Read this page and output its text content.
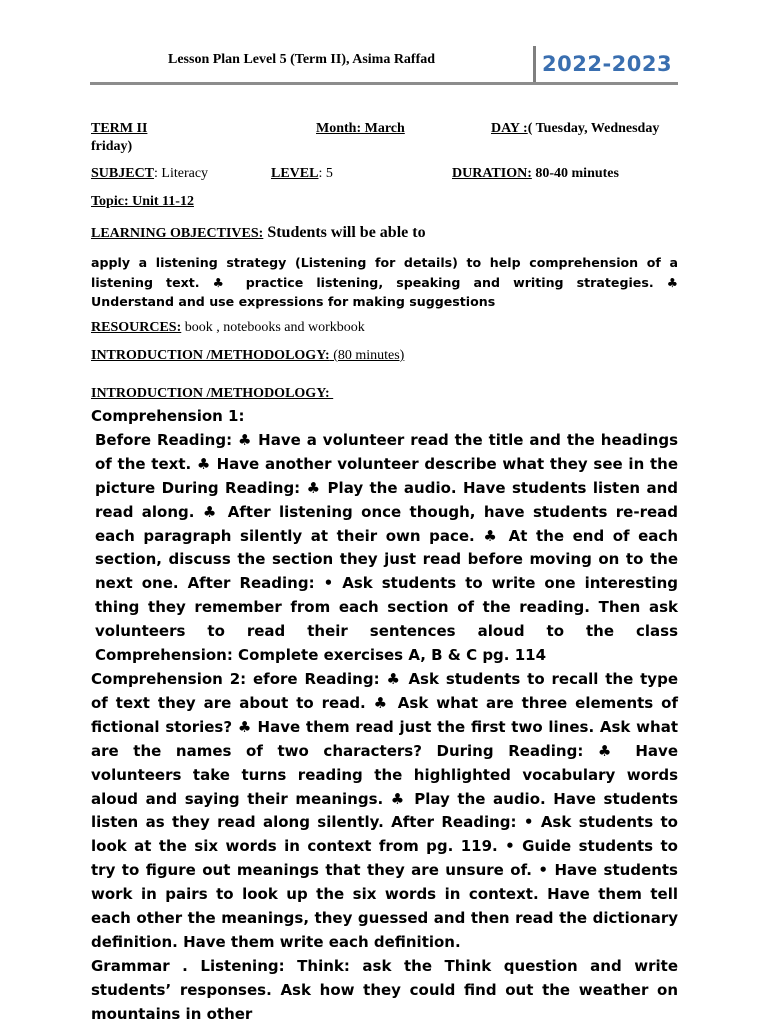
Lesson Plan Level 5 (Term II), Asima Raffad	2022-2023
TERM II	Month: March	DAY :( Tuesday, Wednesday
friday)
SUBJECT: Literacy	LEVEL: 5	DURATION: 80-40 minutes
Topic: Unit 11-12
LEARNING OBJECTIVES: Students will be able to
apply a listening strategy (Listening for details) to help comprehension of a listening text. ♣ practice listening, speaking and writing strategies. ♣ Understand and use expressions for making suggestions
RESOURCES: book , notebooks and workbook
INTRODUCTION /METHODOLOGY: (80 minutes)
INTRODUCTION /METHODOLOGY:

Comprehension 1:

Before Reading: ♣ Have a volunteer read the title and the headings of the text. ♣ Have another volunteer describe what they see in the picture During Reading: ♣ Play the audio. Have students listen and read along. ♣ After listening once though, have students re-read each paragraph silently at their own pace. ♣ At the end of each section, discuss the section they just read before moving on to the next one. After Reading: • Ask students to write one interesting thing they remember from each section of the reading. Then ask volunteers to read their sentences aloud to the class Comprehension: Complete exercises A, B & C pg. 114

Comprehension 2: efore Reading: ♣ Ask students to recall the type of text they are about to read. ♣ Ask what are three elements of fictional stories? ♣ Have them read just the first two lines. Ask what are the names of two characters? During Reading: ♣ Have volunteers take turns reading the highlighted vocabulary words aloud and saying their meanings. ♣ Play the audio. Have students listen as they read along silently. After Reading: • Ask students to look at the six words in context from pg. 119. • Guide students to try to figure out meanings that they are unsure of. • Have students work in pairs to look up the six words in context. Have them tell each other the meanings, they guessed and then read the dictionary definition. Have them write each definition.

Grammar . Listening: Think: ask the Think question and write students’ responses. Ask how they could find out the weather on mountains in other
